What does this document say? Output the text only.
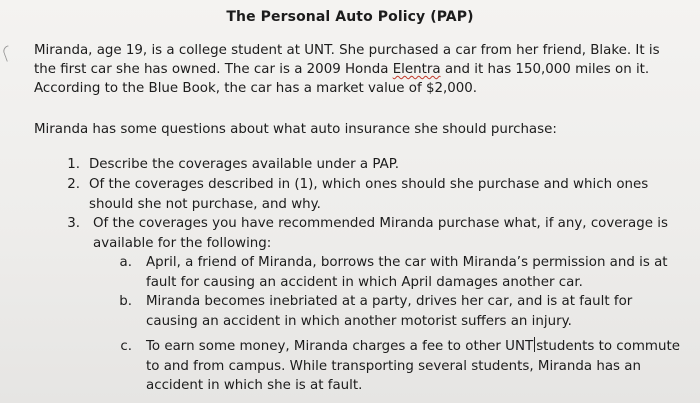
The Personal Auto Policy (PAP)
Miranda, age 19, is a college student at UNT. She purchased a car from her friend, Blake. It is the first car she has owned. The car is a 2009 Honda Elentra and it has 150,000 miles on it. According to the Blue Book, the car has a market value of $2,000.
Miranda has some questions about what auto insurance she should purchase:
1. Describe the coverages available under a PAP.
2. Of the coverages described in (1), which ones should she purchase and which ones should she not purchase, and why.
3. Of the coverages you have recommended Miranda purchase what, if any, coverage is available for the following:
a. April, a friend of Miranda, borrows the car with Miranda’s permission and is at fault for causing an accident in which April damages another car.
b. Miranda becomes inebriated at a party, drives her car, and is at fault for causing an accident in which another motorist suffers an injury.
c. To earn some money, Miranda charges a fee to other UNT students to commute to and from campus. While transporting several students, Miranda has an accident in which she is at fault.
